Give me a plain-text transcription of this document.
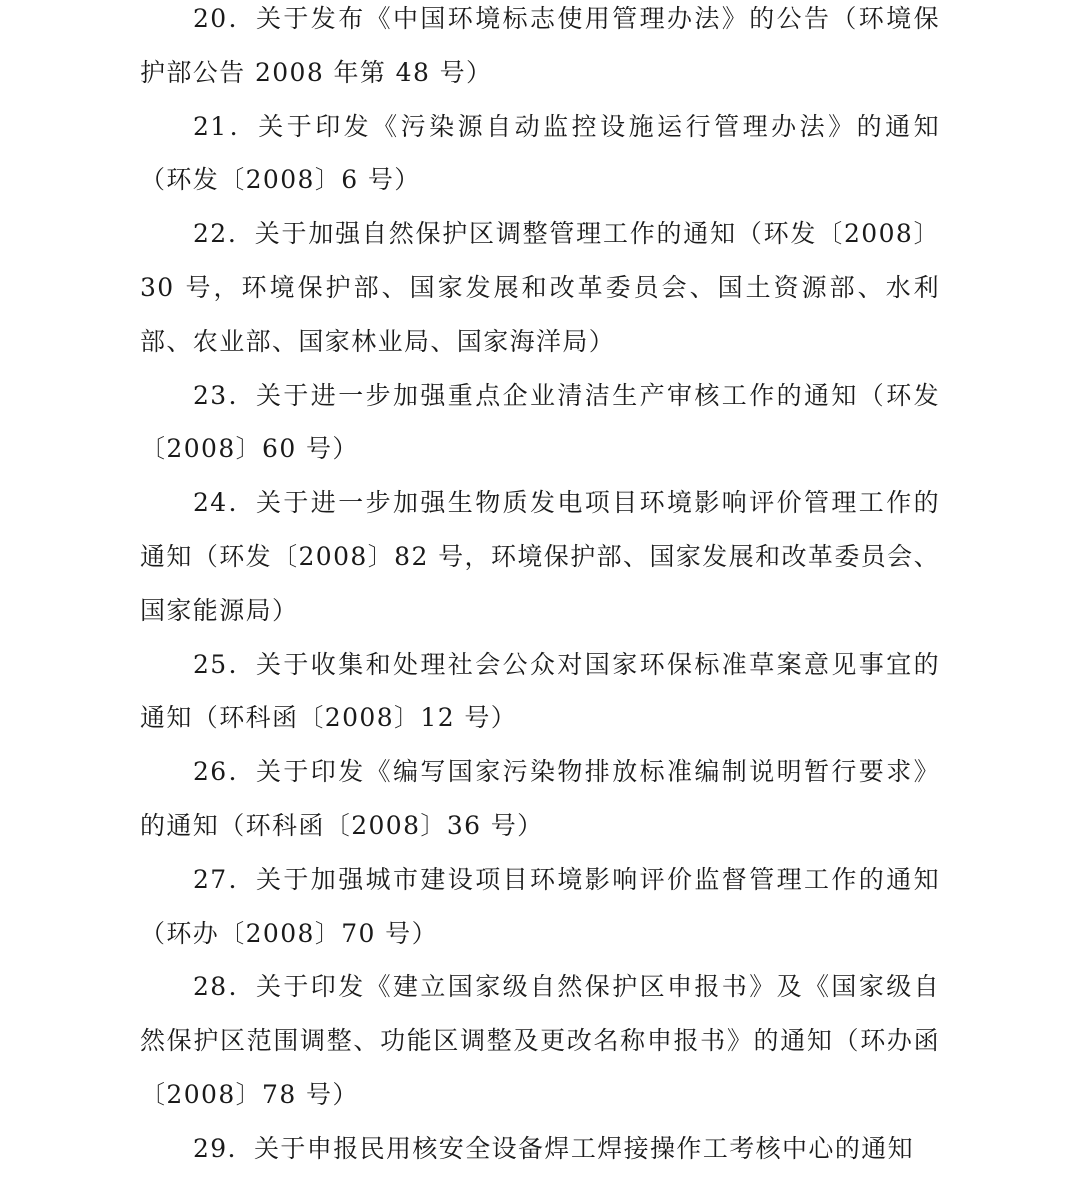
20．关于发布《中国环境标志使用管理办法》的公告（环境保护部公告 2008 年第 48 号）

21．关于印发《污染源自动监控设施运行管理办法》的通知（环发〔2008〕6 号）

22．关于加强自然保护区调整管理工作的通知（环发〔2008〕30 号，环境保护部、国家发展和改革委员会、国土资源部、水利部、农业部、国家林业局、国家海洋局）

23．关于进一步加强重点企业清洁生产审核工作的通知（环发〔2008〕60 号）

24．关于进一步加强生物质发电项目环境影响评价管理工作的通知（环发〔2008〕82 号，环境保护部、国家发展和改革委员会、国家能源局）

25．关于收集和处理社会公众对国家环保标准草案意见事宜的通知（环科函〔2008〕12 号）

26．关于印发《编写国家污染物排放标准编制说明暂行要求》的通知（环科函〔2008〕36 号）

27．关于加强城市建设项目环境影响评价监督管理工作的通知（环办〔2008〕70 号）

28．关于印发《建立国家级自然保护区申报书》及《国家级自然保护区范围调整、功能区调整及更改名称申报书》的通知（环办函〔2008〕78 号）

29．关于申报民用核安全设备焊工焊接操作工考核中心的通知
